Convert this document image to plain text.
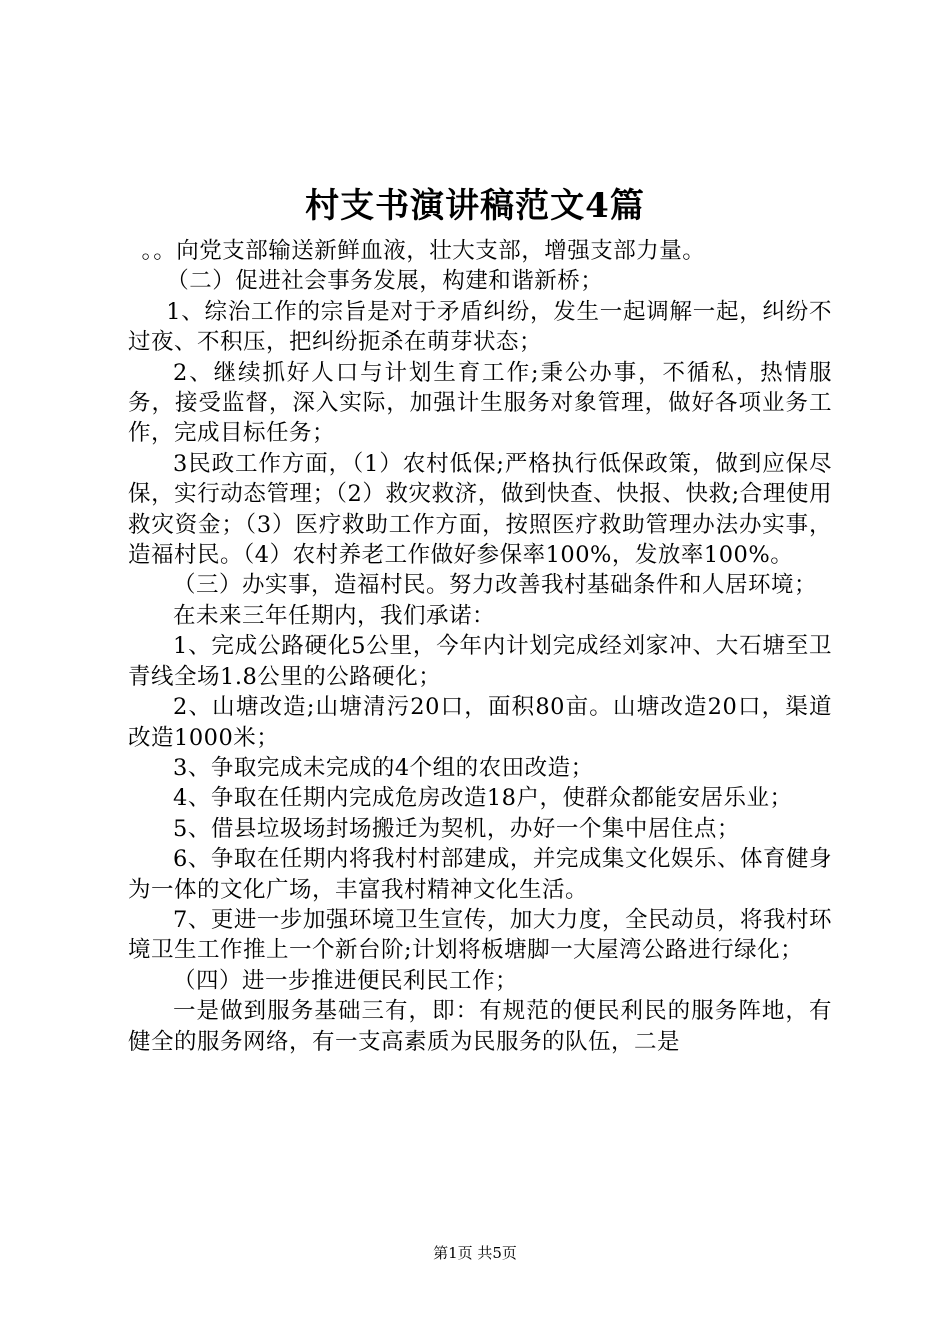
村支书演讲稿范文4篇

。。向党支部输送新鲜血液，壮大支部，增强支部力量。

（二）促进社会事务发展，构建和谐新桥；

1、综治工作的宗旨是对于矛盾纠纷，发生一起调解一起，纠纷不过夜、不积压，把纠纷扼杀在萌芽状态；

2、继续抓好人口与计划生育工作;秉公办事，不循私，热情服务，接受监督，深入实际，加强计生服务对象管理，做好各项业务工作，完成目标任务；

3民政工作方面，（1）农村低保;严格执行低保政策，做到应保尽保，实行动态管理；（2）救灾救济，做到快查、快报、快救;合理使用救灾资金；（3）医疗救助工作方面，按照医疗救助管理办法办实事，造福村民。（4）农村养老工作做好参保率100%，发放率100%。

（三）办实事，造福村民。努力改善我村基础条件和人居环境；

在未来三年任期内，我们承诺：

1、完成公路硬化5公里，今年内计划完成经刘家冲、大石塘至卫青线全场1.8公里的公路硬化；

2、山塘改造;山塘清污20口，面积80亩。山塘改造20口，渠道改造1000米；

3、争取完成未完成的4个组的农田改造；

4、争取在任期内完成危房改造18户，使群众都能安居乐业；

5、借县垃圾场封场搬迁为契机，办好一个集中居住点；

6、争取在任期内将我村村部建成，并完成集文化娱乐、体育健身为一体的文化广场，丰富我村精神文化生活。

7、更进一步加强环境卫生宣传，加大力度，全民动员，将我村环境卫生工作推上一个新台阶;计划将板塘脚一大屋湾公路进行绿化；

（四）进一步推进便民利民工作；

一是做到服务基础三有，即：有规范的便民利民的服务阵地，有健全的服务网络，有一支高素质为民服务的队伍，二是

第1页 共5页
